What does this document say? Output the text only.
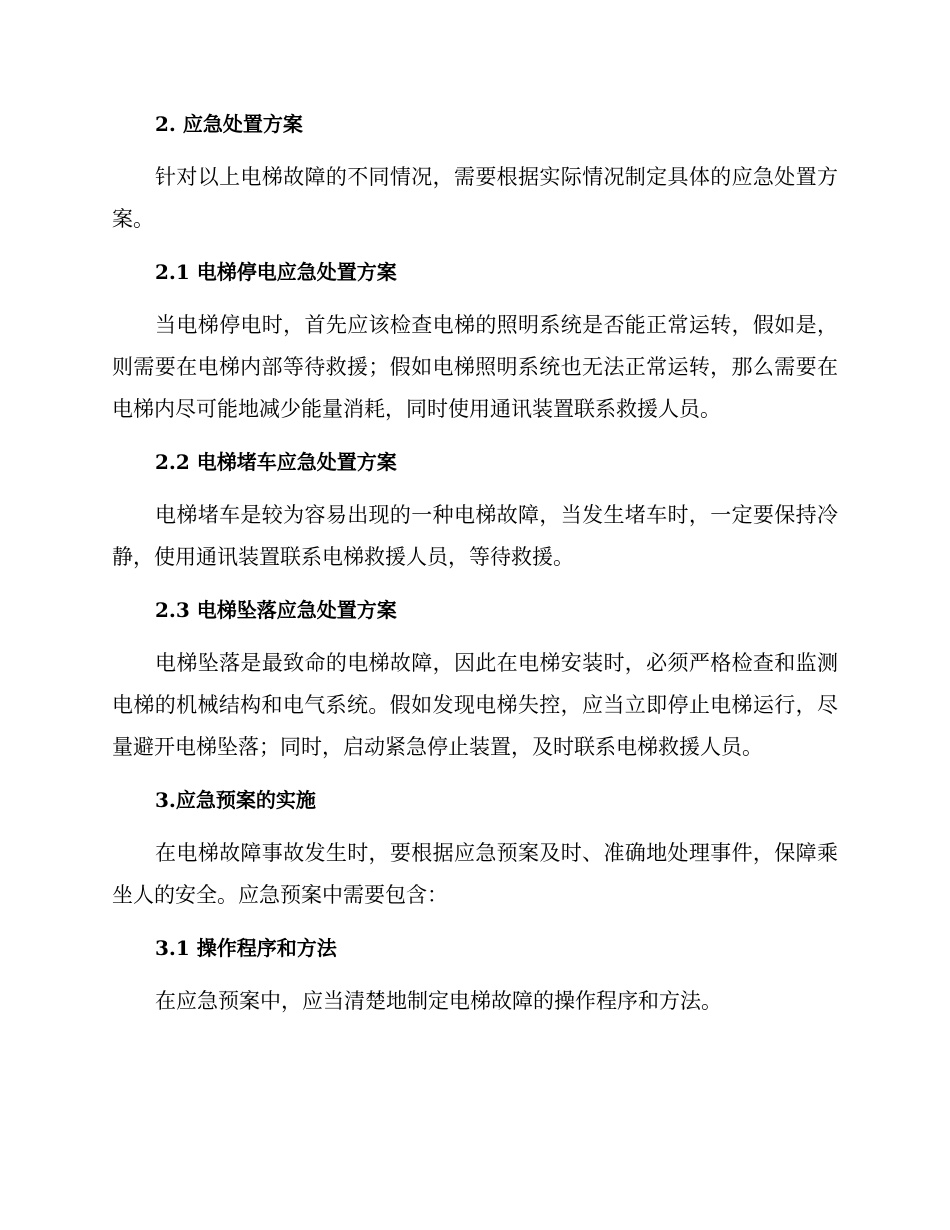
2. 应急处置方案

针对以上电梯故障的不同情况，需要根据实际情况制定具体的应急处置方案。

2.1 电梯停电应急处置方案

当电梯停电时，首先应该检查电梯的照明系统是否能正常运转，假如是，则需要在电梯内部等待救援；假如电梯照明系统也无法正常运转，那么需要在电梯内尽可能地减少能量消耗，同时使用通讯装置联系救援人员。

2.2 电梯堵车应急处置方案

电梯堵车是较为容易出现的一种电梯故障，当发生堵车时，一定要保持冷静，使用通讯装置联系电梯救援人员，等待救援。

2.3 电梯坠落应急处置方案

电梯坠落是最致命的电梯故障，因此在电梯安装时，必须严格检查和监测电梯的机械结构和电气系统。假如发现电梯失控，应当立即停止电梯运行，尽量避开电梯坠落；同时，启动紧急停止装置，及时联系电梯救援人员。

3.应急预案的实施

在电梯故障事故发生时，要根据应急预案及时、准确地处理事件，保障乘坐人的安全。应急预案中需要包含：

3.1 操作程序和方法

在应急预案中，应当清楚地制定电梯故障的操作程序和方法。
